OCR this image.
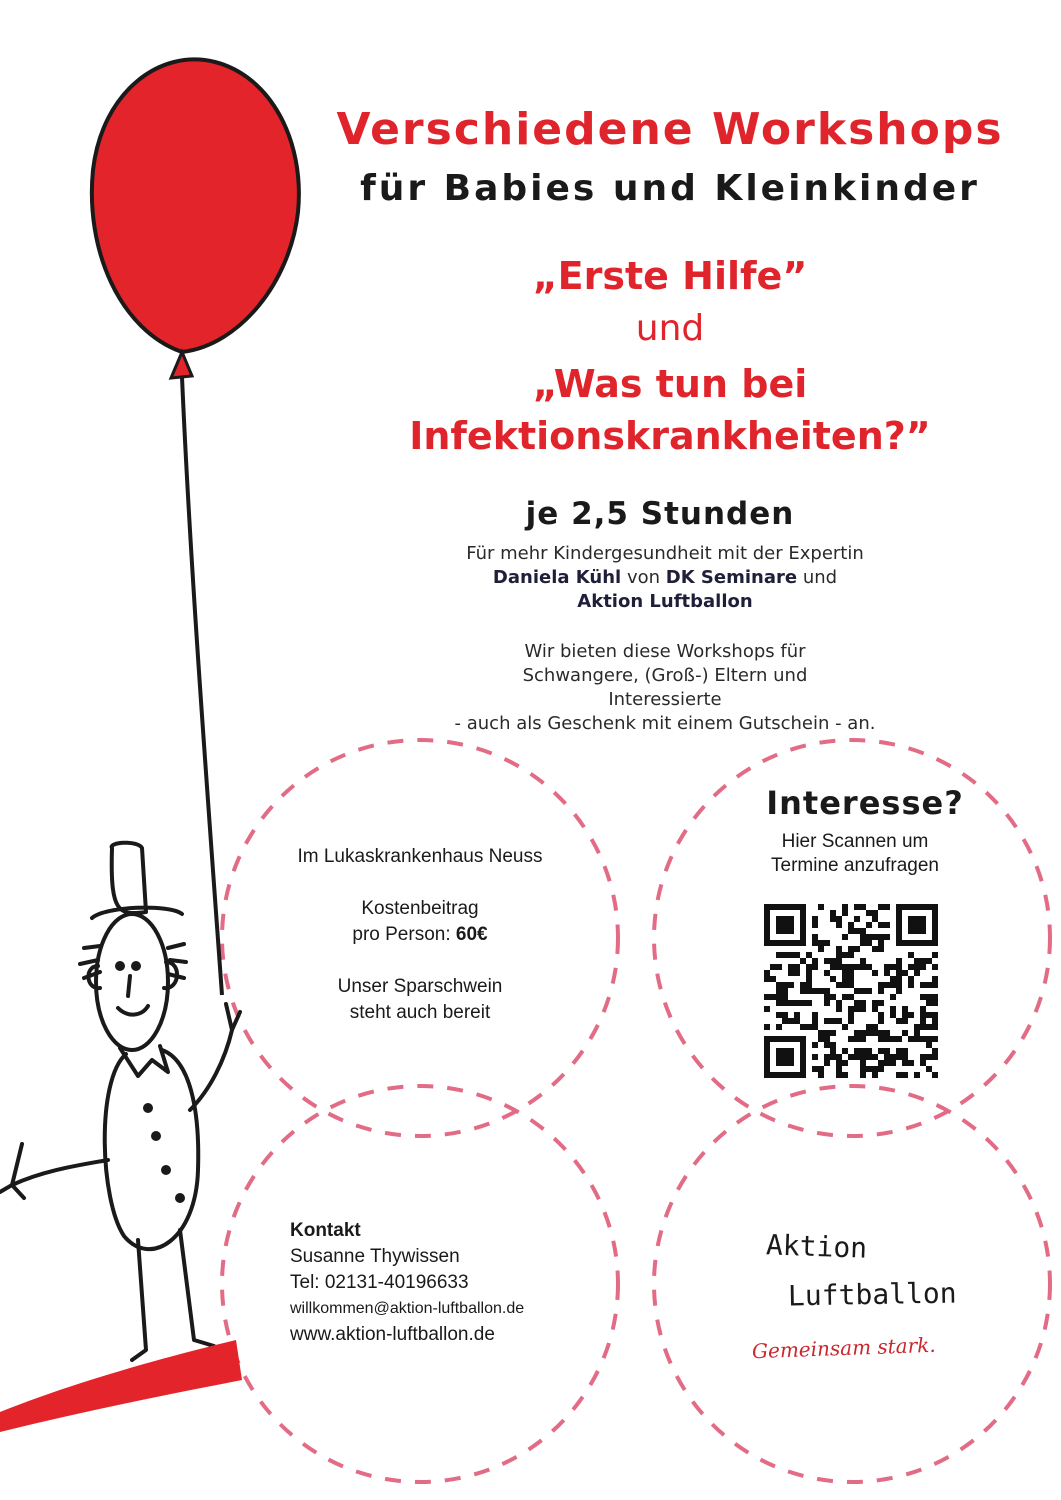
Verschiedene Workshops
für Babies und Kleinkinder
„Erste Hilfe”
und
„Was tun bei
Infektionskrankheiten?”
je 2,5 Stunden
Für mehr Kindergesundheit mit der Expertin
Daniela Kühl von DK Seminare und
Aktion Luftballon
Wir bieten diese Workshops für
Schwangere, (Groß-) Eltern und
Interessierte
- auch als Geschenk mit einem Gutschein - an.
Im Lukaskrankenhaus Neuss
Kostenbeitrag
pro Person: 60€
Unser Sparschwein
steht auch bereit
Interesse?
Hier Scannen um
Termine anzufragen
Kontakt
Susanne Thywissen
Tel: 02131-40196633
willkommen@aktion-luftballon.de
www.aktion-luftballon.de
Aktion
Luftballon
Gemeinsam stark.
